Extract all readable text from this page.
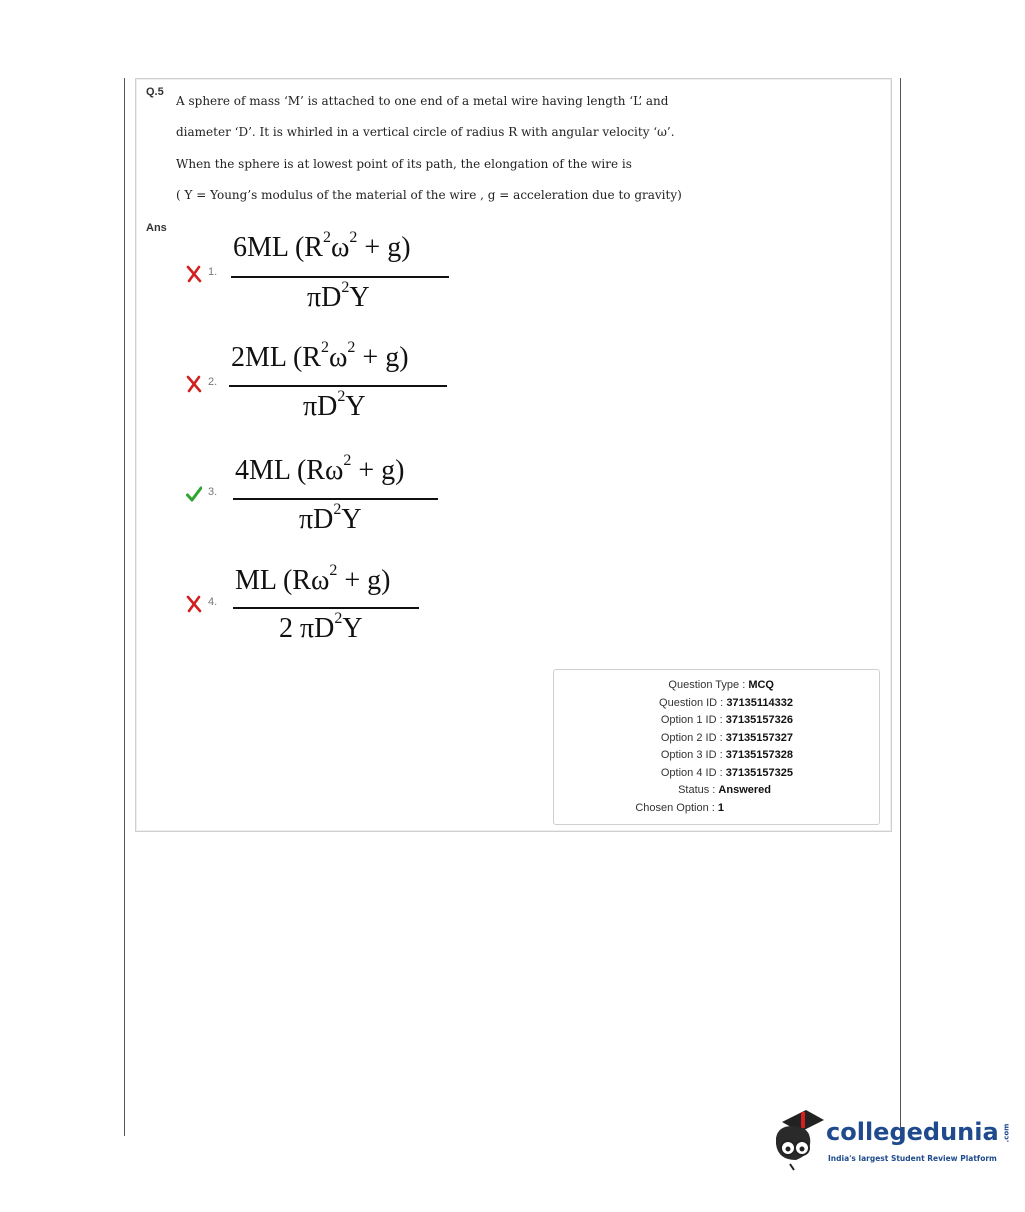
Q.5
A sphere of mass ‘M’ is attached to one end of a metal wire having length ‘L’ and
diameter ‘D’. It is whirled in a vertical circle of radius R with angular velocity ‘ω’.
When the sphere is at lowest point of its path, the elongation of the wire is
( Y = Young’s modulus of the material of the wire , g = acceleration due to gravity)
Ans
1.
6ML $(R^2\omega^2 + g)$
$\pi D^2Y$
2.
2ML $(R^2\omega^2 + g)$
$\pi D^2Y$
3.
4ML $(R\omega^2 + g)$
$\pi D^2Y$
4.
ML $(R\omega^2 + g)$
2 $\pi D^2Y$
Question Type : MCQ
Question ID : 37135114332
Option 1 ID : 37135157326
Option 2 ID : 37135157327
Option 3 ID : 37135157328
Option 4 ID : 37135157325
Status : Answered
Chosen Option : 1
collegedunia .com
India's largest Student Review Platform
